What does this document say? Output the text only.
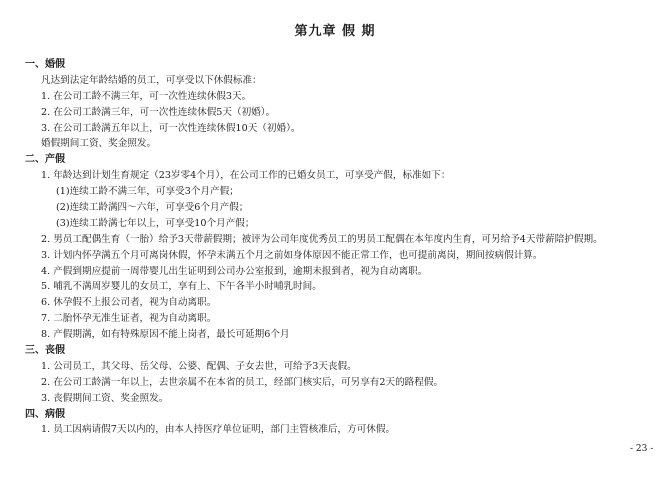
第九章 假 期
一、婚假
凡达到法定年龄结婚的员工，可享受以下休假标准：
1. 在公司工龄不满三年，可一次性连续休假3天。
2. 在公司工龄满三年，可一次性连续休假5天（初婚）。
3. 在公司工龄满五年以上，可一次性连续休假10天（初婚）。
婚假期间工资、奖金照发。
二、产假
1. 年龄达到计划生育规定（23岁零4个月），在公司工作的已婚女员工，可享受产假，标准如下：
(1)连续工龄不满三年，可享受3个月产假；
(2)连续工龄满四～六年，可享受6个月产假；
(3)连续工龄满七年以上，可享受10个月产假；
2. 男员工配偶生育（一胎）给予3天带薪假期；被评为公司年度优秀员工的男员工配偶在本年度内生育，可另给予4天带薪陪护假期。
3. 计划内怀孕满五个月可离岗休假，怀孕未满五个月之前如身体原因不能正常工作，也可提前离岗，期间按病假计算。
4. 产假到期应提前一周带婴儿出生证明到公司办公室报到，逾期未报到者，视为自动离职。
5. 哺乳不满周岁婴儿的女员工，享有上、下午各半小时哺乳时间。
6. 休孕假不上报公司者，视为自动离职。
7. 二胎怀孕无准生证者，视为自动离职。
8. 产假期满，如有特殊原因不能上岗者，最长可延期6个月
三、丧假
1. 公司员工，其父母、岳父母、公婆、配偶、子女去世，可给予3天丧假。
2. 在公司工龄满一年以上，去世亲属不在本省的员工，经部门核实后，可另享有2天的路程假。
3. 丧假期间工资、奖金照发。
四、病假
1. 员工因病请假7天以内的，由本人持医疗单位证明，部门主管核准后，方可休假。
- 23 -
